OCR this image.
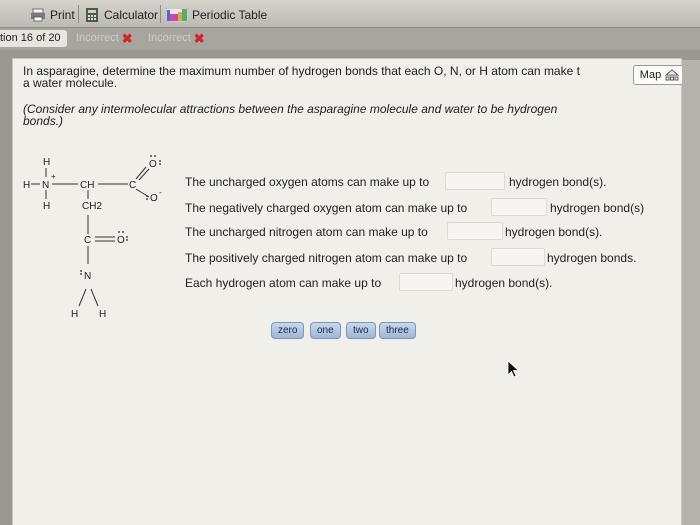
Print Calculator	Periodic Table
tion 16 of 20	Incorrect ✖ Incorrect ✖
In asparagine, determine the maximum number of hydrogen bonds that each O, N, or H atom can make t
a water molecule.
(Consider any intermolecular attractions between the asparagine molecule and water to be hydrogen
bonds.)
Map
H
H N
+
H
CH
CH2
C
O
O
-
C	O
N
H H
The uncharged oxygen atoms can make up to	hydrogen bond(s).
The negatively charged oxygen atom can make up to	hydrogen bond(s)
The uncharged nitrogen atom can make up to	hydrogen bond(s).
The positively charged nitrogen atom can make up to	hydrogen bonds.
Each hydrogen atom can make up to	hydrogen bond(s).
zero	one	two	three
